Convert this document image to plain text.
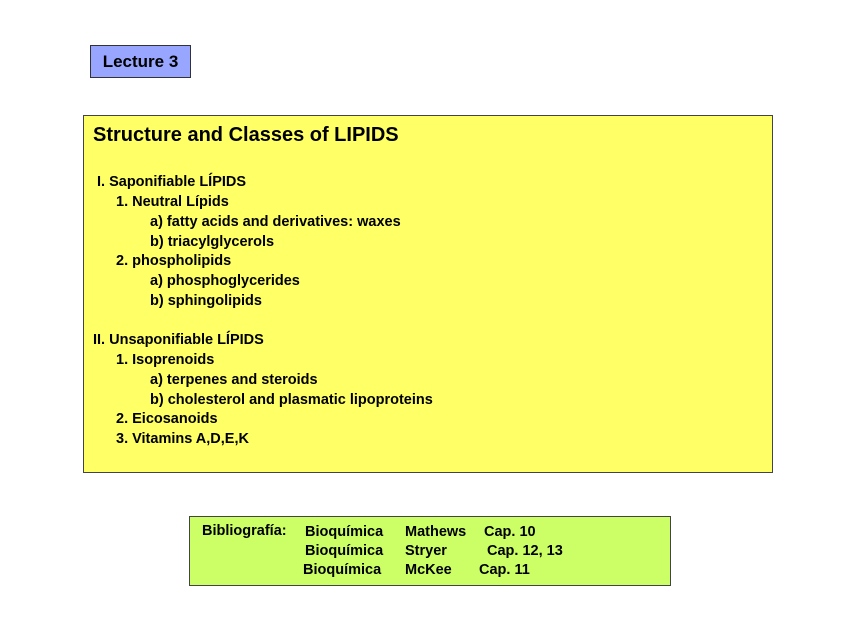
Lecture 3
Structure and Classes of LIPIDS
I. Saponifiable LÍPIDS
1. Neutral Lípids
a) fatty acids and derivatives: waxes
b) triacylglycerols
2. phospholipids
a) phosphoglycerides
b) sphingolipids
II. Unsaponifiable LÍPIDS
1. Isoprenoids
a) terpenes and steroids
b) cholesterol and plasmatic lipoproteins
2. Eicosanoids
3. Vitamins A,D,E,K
Bibliografía: Bioquímica Mathews Cap. 10
Bioquímica Stryer	Cap. 12, 13
Bioquímica McKee Cap. 11
